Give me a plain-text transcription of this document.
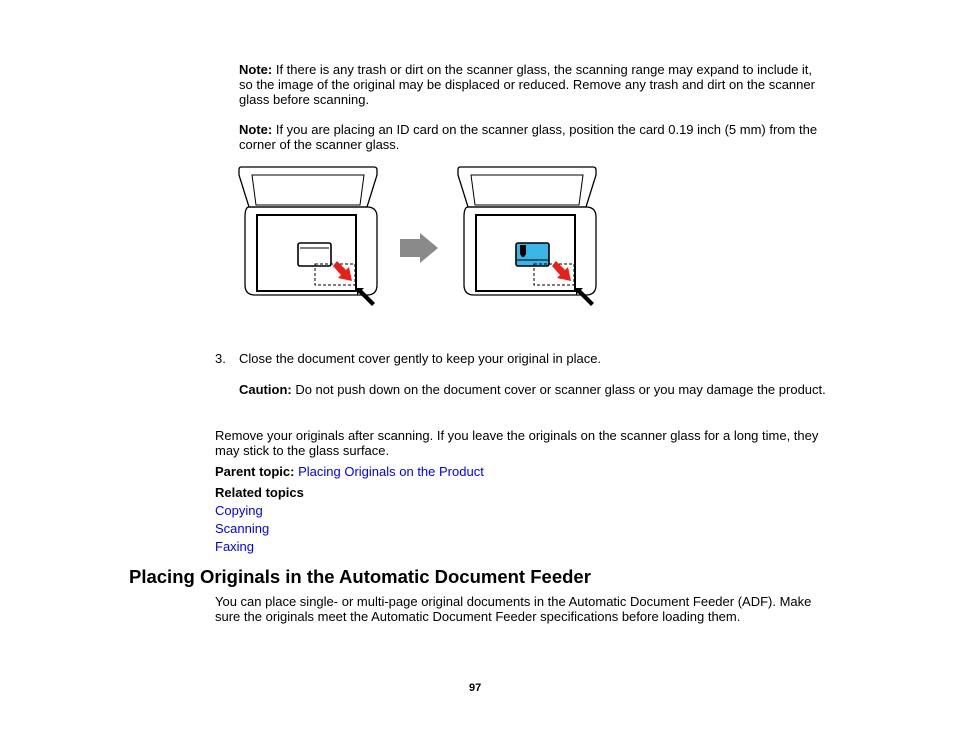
Note: If there is any trash or dirt on the scanner glass, the scanning range may expand to include it, so the image of the original may be displaced or reduced. Remove any trash and dirt on the scanner glass before scanning.

Note: If you are placing an ID card on the scanner glass, position the card 0.19 inch (5 mm) from the corner of the scanner glass.

3. Close the document cover gently to keep your original in place.

Caution: Do not push down on the document cover or scanner glass or you may damage the product.

Remove your originals after scanning. If you leave the originals on the scanner glass for a long time, they may stick to the glass surface.

Parent topic: Placing Originals on the Product

Related topics

Copying
Scanning
Faxing
Placing Originals in the Automatic Document Feeder

You can place single- or multi-page original documents in the Automatic Document Feeder (ADF). Make sure the originals meet the Automatic Document Feeder specifications before loading them.

97
